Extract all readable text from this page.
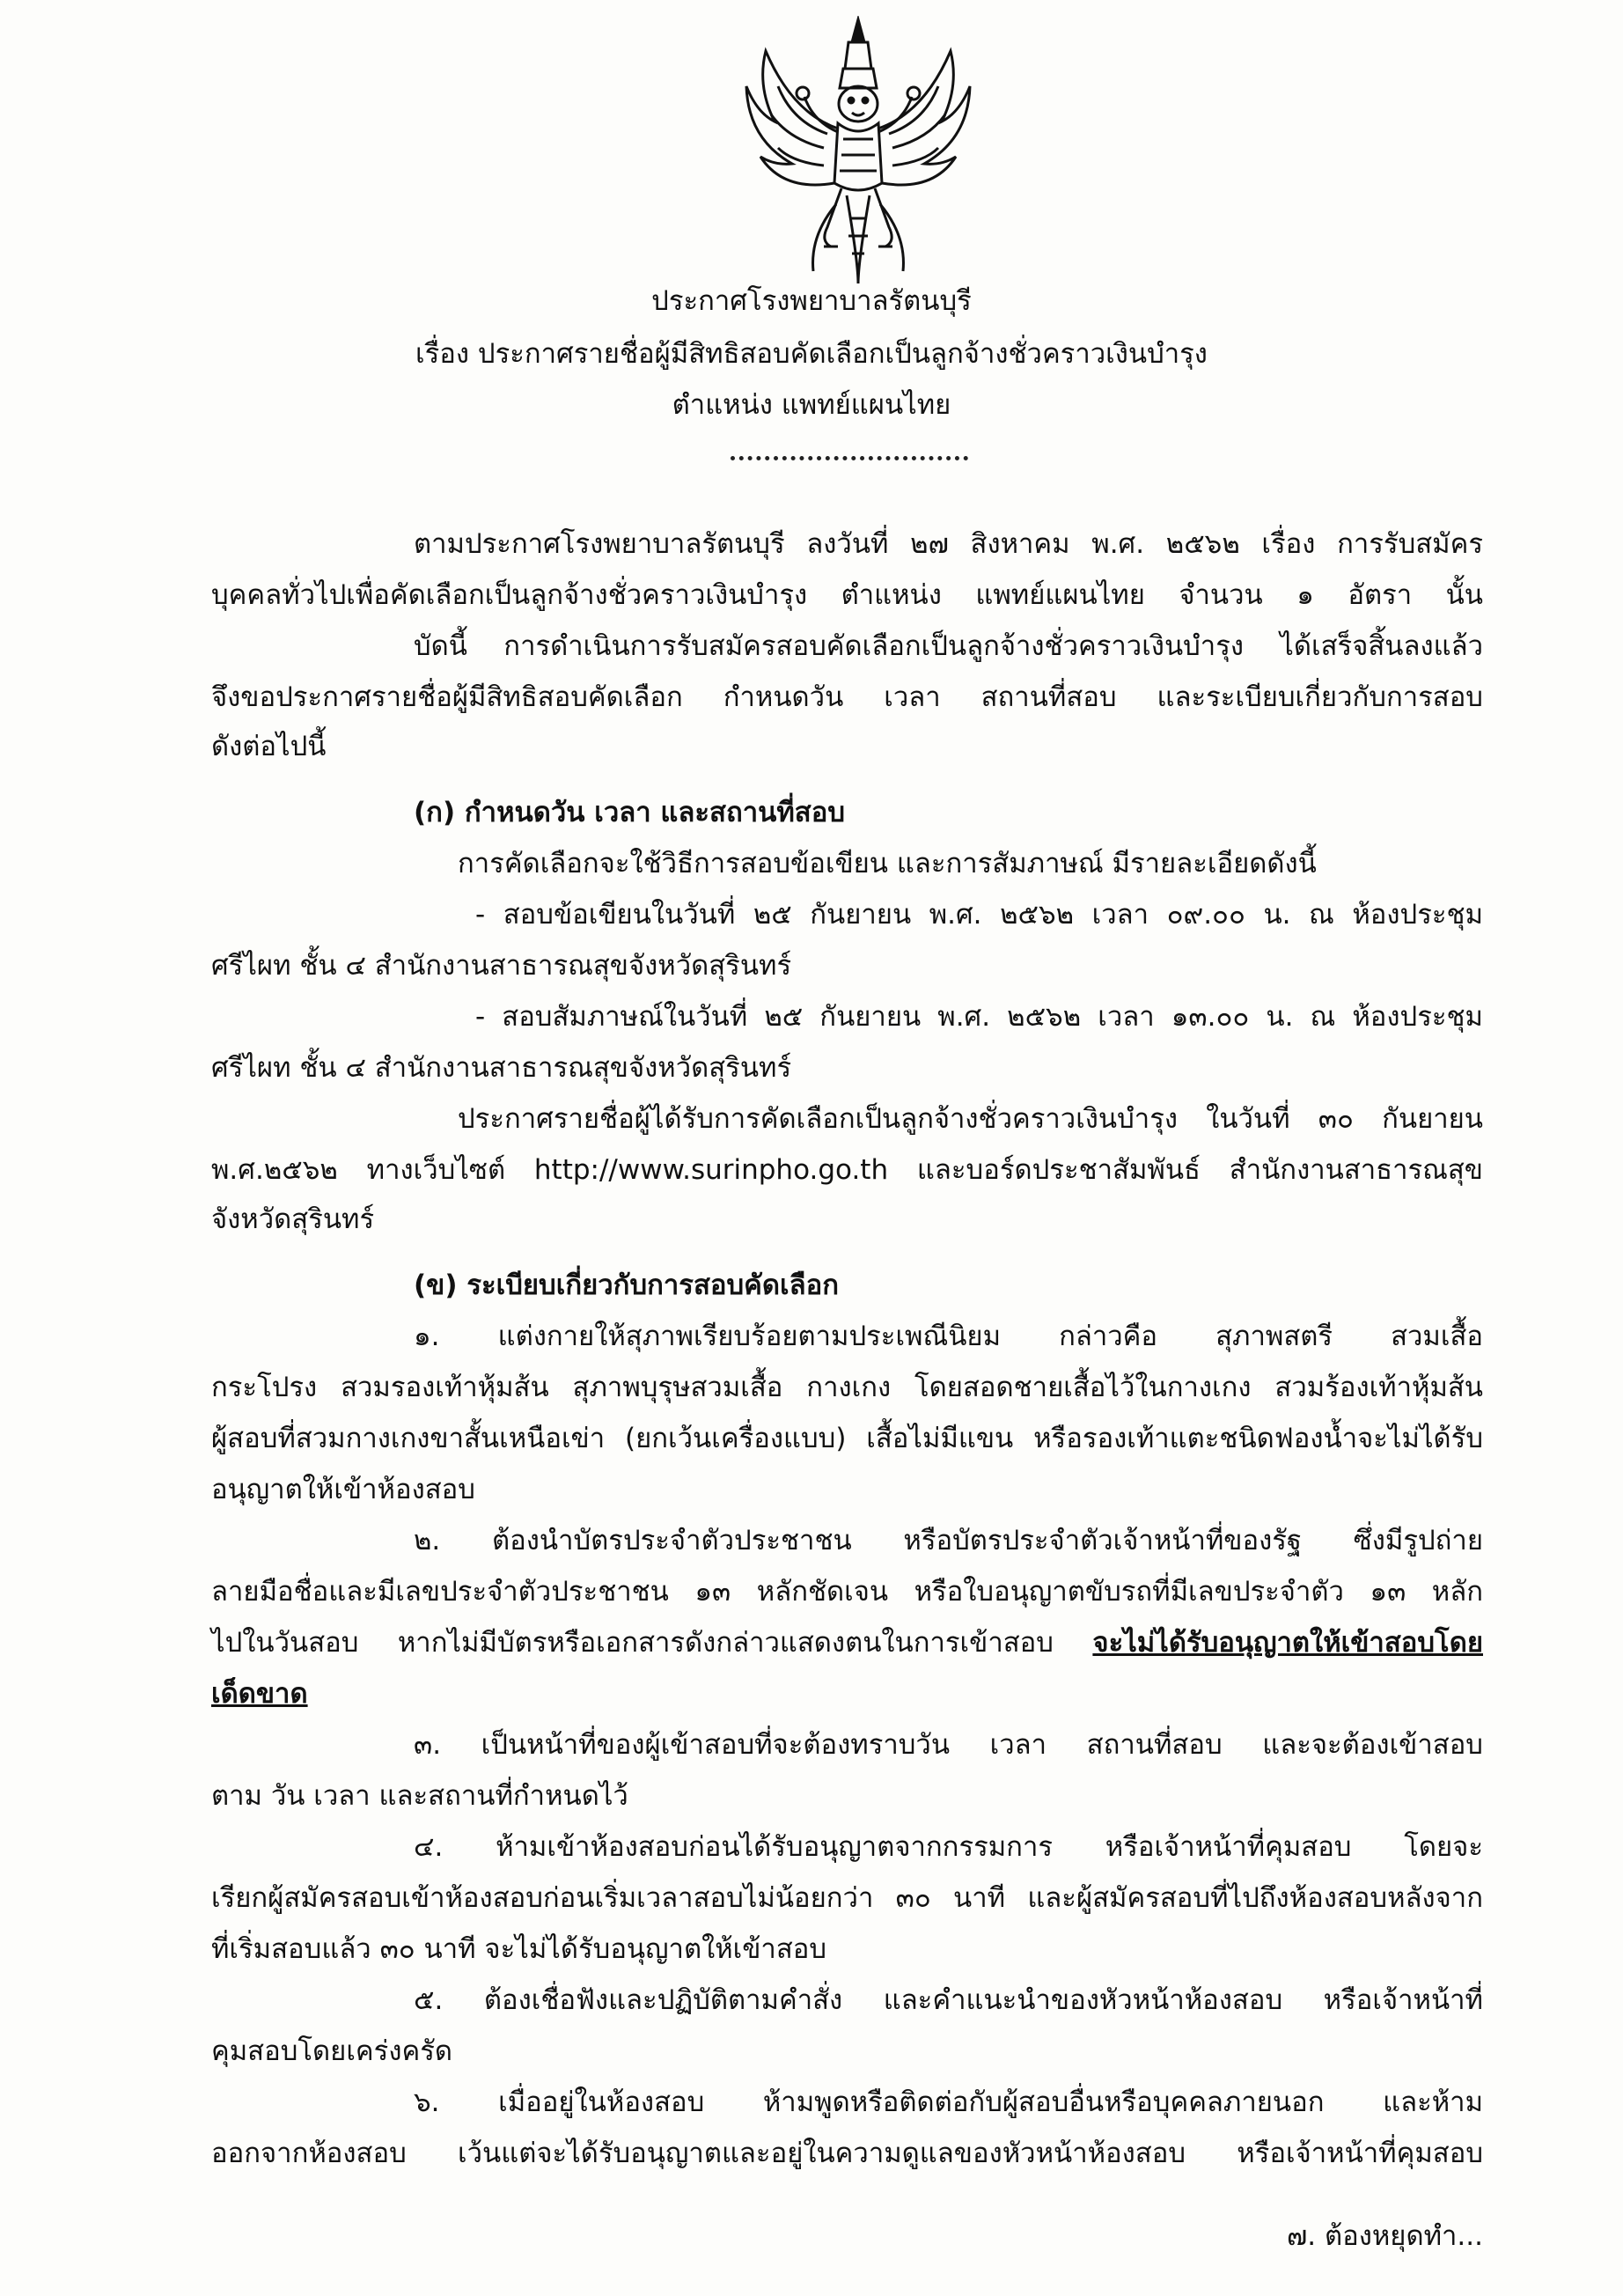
ประกาศโรงพยาบาลรัตนบุรี
เรื่อง ประกาศรายชื่อผู้มีสิทธิสอบคัดเลือกเป็นลูกจ้างชั่วคราวเงินบำรุง
ตำแหน่ง แพทย์แผนไทย
ตามประกาศโรงพยาบาลรัตนบุรี ลงวันที่ ๒๗ สิงหาคม พ.ศ. ๒๕๖๒ เรื่อง การรับสมัคร
บุคคลทั่วไปเพื่อคัดเลือกเป็นลูกจ้างชั่วคราวเงินบำรุง ตำแหน่ง แพทย์แผนไทย จำนวน ๑ อัตรา นั้น
บัดนี้ การดำเนินการรับสมัครสอบคัดเลือกเป็นลูกจ้างชั่วคราวเงินบำรุง ได้เสร็จสิ้นลงแล้ว
จึงขอประกาศรายชื่อผู้มีสิทธิสอบคัดเลือก กำหนดวัน เวลา สถานที่สอบ และระเบียบเกี่ยวกับการสอบ
ดังต่อไปนี้
(ก) กำหนดวัน เวลา และสถานที่สอบ
การคัดเลือกจะใช้วิธีการสอบข้อเขียน และการสัมภาษณ์ มีรายละเอียดดังนี้
- สอบข้อเขียนในวันที่ ๒๕ กันยายน พ.ศ. ๒๕๖๒ เวลา ๐๙.๐๐ น. ณ ห้องประชุม
ศรีไผท ชั้น ๔ สำนักงานสาธารณสุขจังหวัดสุรินทร์
- สอบสัมภาษณ์ในวันที่ ๒๕ กันยายน พ.ศ. ๒๕๖๒ เวลา ๑๓.๐๐ น. ณ ห้องประชุม
ศรีไผท ชั้น ๔ สำนักงานสาธารณสุขจังหวัดสุรินทร์
ประกาศรายชื่อผู้ได้รับการคัดเลือกเป็นลูกจ้างชั่วคราวเงินบำรุง ในวันที่ ๓๐ กันยายน
พ.ศ.๒๕๖๒ ทางเว็บไซต์ http://www.surinpho.go.th และบอร์ดประชาสัมพันธ์ สำนักงานสาธารณสุข
จังหวัดสุรินทร์
(ข) ระเบียบเกี่ยวกับการสอบคัดเลือก
๑. แต่งกายให้สุภาพเรียบร้อยตามประเพณีนิยม กล่าวคือ สุภาพสตรี สวมเสื้อ
กระโปรง สวมรองเท้าหุ้มส้น สุภาพบุรุษสวมเสื้อ กางเกง โดยสอดชายเสื้อไว้ในกางเกง สวมร้องเท้าหุ้มส้น
ผู้สอบที่สวมกางเกงขาสั้นเหนือเข่า (ยกเว้นเครื่องแบบ) เสื้อไม่มีแขน หรือรองเท้าแตะชนิดฟองน้ำจะไม่ได้รับ
อนุญาตให้เข้าห้องสอบ
๒. ต้องนำบัตรประจำตัวประชาชน หรือบัตรประจำตัวเจ้าหน้าที่ของรัฐ ซึ่งมีรูปถ่าย
ลายมือชื่อและมีเลขประจำตัวประชาชน ๑๓ หลักชัดเจน หรือใบอนุญาตขับรถที่มีเลขประจำตัว ๑๓ หลัก
ไปในวันสอบ หากไม่มีบัตรหรือเอกสารดังกล่าวแสดงตนในการเข้าสอบ จะไม่ได้รับอนุญาตให้เข้าสอบโดย
เด็ดขาด
๓. เป็นหน้าที่ของผู้เข้าสอบที่จะต้องทราบวัน เวลา สถานที่สอบ และจะต้องเข้าสอบ
ตาม วัน เวลา และสถานที่กำหนดไว้
๔. ห้ามเข้าห้องสอบก่อนได้รับอนุญาตจากกรรมการ หรือเจ้าหน้าที่คุมสอบ โดยจะ
เรียกผู้สมัครสอบเข้าห้องสอบก่อนเริ่มเวลาสอบไม่น้อยกว่า ๓๐ นาที และผู้สมัครสอบที่ไปถึงห้องสอบหลังจาก
ที่เริ่มสอบแล้ว ๓๐ นาที จะไม่ได้รับอนุญาตให้เข้าสอบ
๕. ต้องเชื่อฟังและปฏิบัติตามคำสั่ง และคำแนะนำของหัวหน้าห้องสอบ หรือเจ้าหน้าที่
คุมสอบโดยเคร่งครัด
๖. เมื่ออยู่ในห้องสอบ ห้ามพูดหรือติดต่อกับผู้สอบอื่นหรือบุคคลภายนอก และห้าม
ออกจากห้องสอบ เว้นแต่จะได้รับอนุญาตและอยู่ในความดูแลของหัวหน้าห้องสอบ หรือเจ้าหน้าที่คุมสอบ
๗. ต้องหยุดทำ...
